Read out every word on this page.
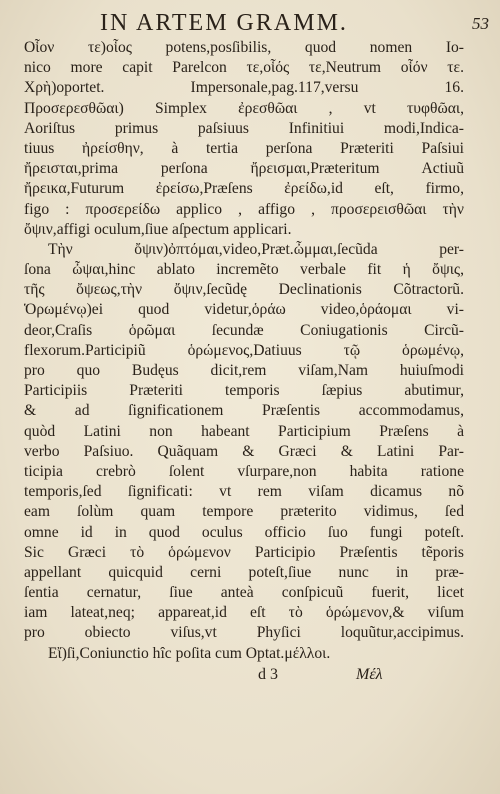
IN ARTEM GRAMM.	53
Οἷον τε)οἷος potens,posſibilis, quod nomen Io-
nico more capit Parelcon τε,οἷός τε,Neutrum οἷόν τε.
Χρὴ)oportet. Impersonale,pag.117,versu 16.
Προσερεσθῶαι) Simplex ἐρεσθῶαι , vt τυφθῶαι,
Aoriſtus primus paſsiuus Infinitiui modi,Indica-
tiuus ἠρείσθην, à tertia perſona Præteriti Paſsiui
ἤρεισται,prima perſona ἤρεισμαι,Præteritum Actiuũ
ἤρεικα,Futurum ἐρείσω,Præſens ἐρείδω,id eſt, firmo,
figo : προσερείδω applico , affigo , προσερεισθῶαι τὴν
ὄψιν,affigi oculum,ſiue aſpectum applicari.
Τὴν ὄψιν)ὀπτόμαι,video,Præt.ὦμμαι,ſecũda per-
ſona ὦψαι,hinc ablato incremẽto verbale fit ἡ ὄψις,
τῆς ὄψεως,τὴν ὄψιν,ſecũdę Declinationis Cõtractorũ.
Ὁρωμένῳ)ei quod videtur,ὁράω video,ὁράομαι vi-
deor,Craſis ὁρῶμαι ſecundæ Coniugationis Circũ-
flexorum.Participiũ ὁρώμενος,Datiuus τῷ ὁρωμένῳ,
pro quo Budęus dicit,rem viſam,Nam huiuſmodi
Participiis Præteriti temporis ſæpius abutimur,
& ad ſignificationem Præſentis accommodamus,
quòd Latini non habeant Participium Præſens à
verbo Paſsiuo. Quãquam & Græci & Latini Par-
ticipia crebrò ſolent vſurpare,non habita ratione
temporis,ſed ſignificati: vt rem viſam dicamus nõ
eam ſolùm quam tempore præterito vidimus, ſed
omne id in quod oculus officio ſuo fungi poteſt.
Sic Græci τὸ ὁρώμενον Participio Præſentis tẽporis
appellant quicquid cerni poteſt,ſiue nunc in præ-
ſentia cernatur, ſiue anteà conſpicuũ fuerit, licet
iam lateat,neq; appareat,id eſt τὸ ὁρώμενον,& viſum
pro obiecto viſus,vt Phyſici loquũtur,accipimus.
Εἴ)ſi,Coniunctio hîc poſita cum Optat.μέλλοι.
d 3	Μέλ
